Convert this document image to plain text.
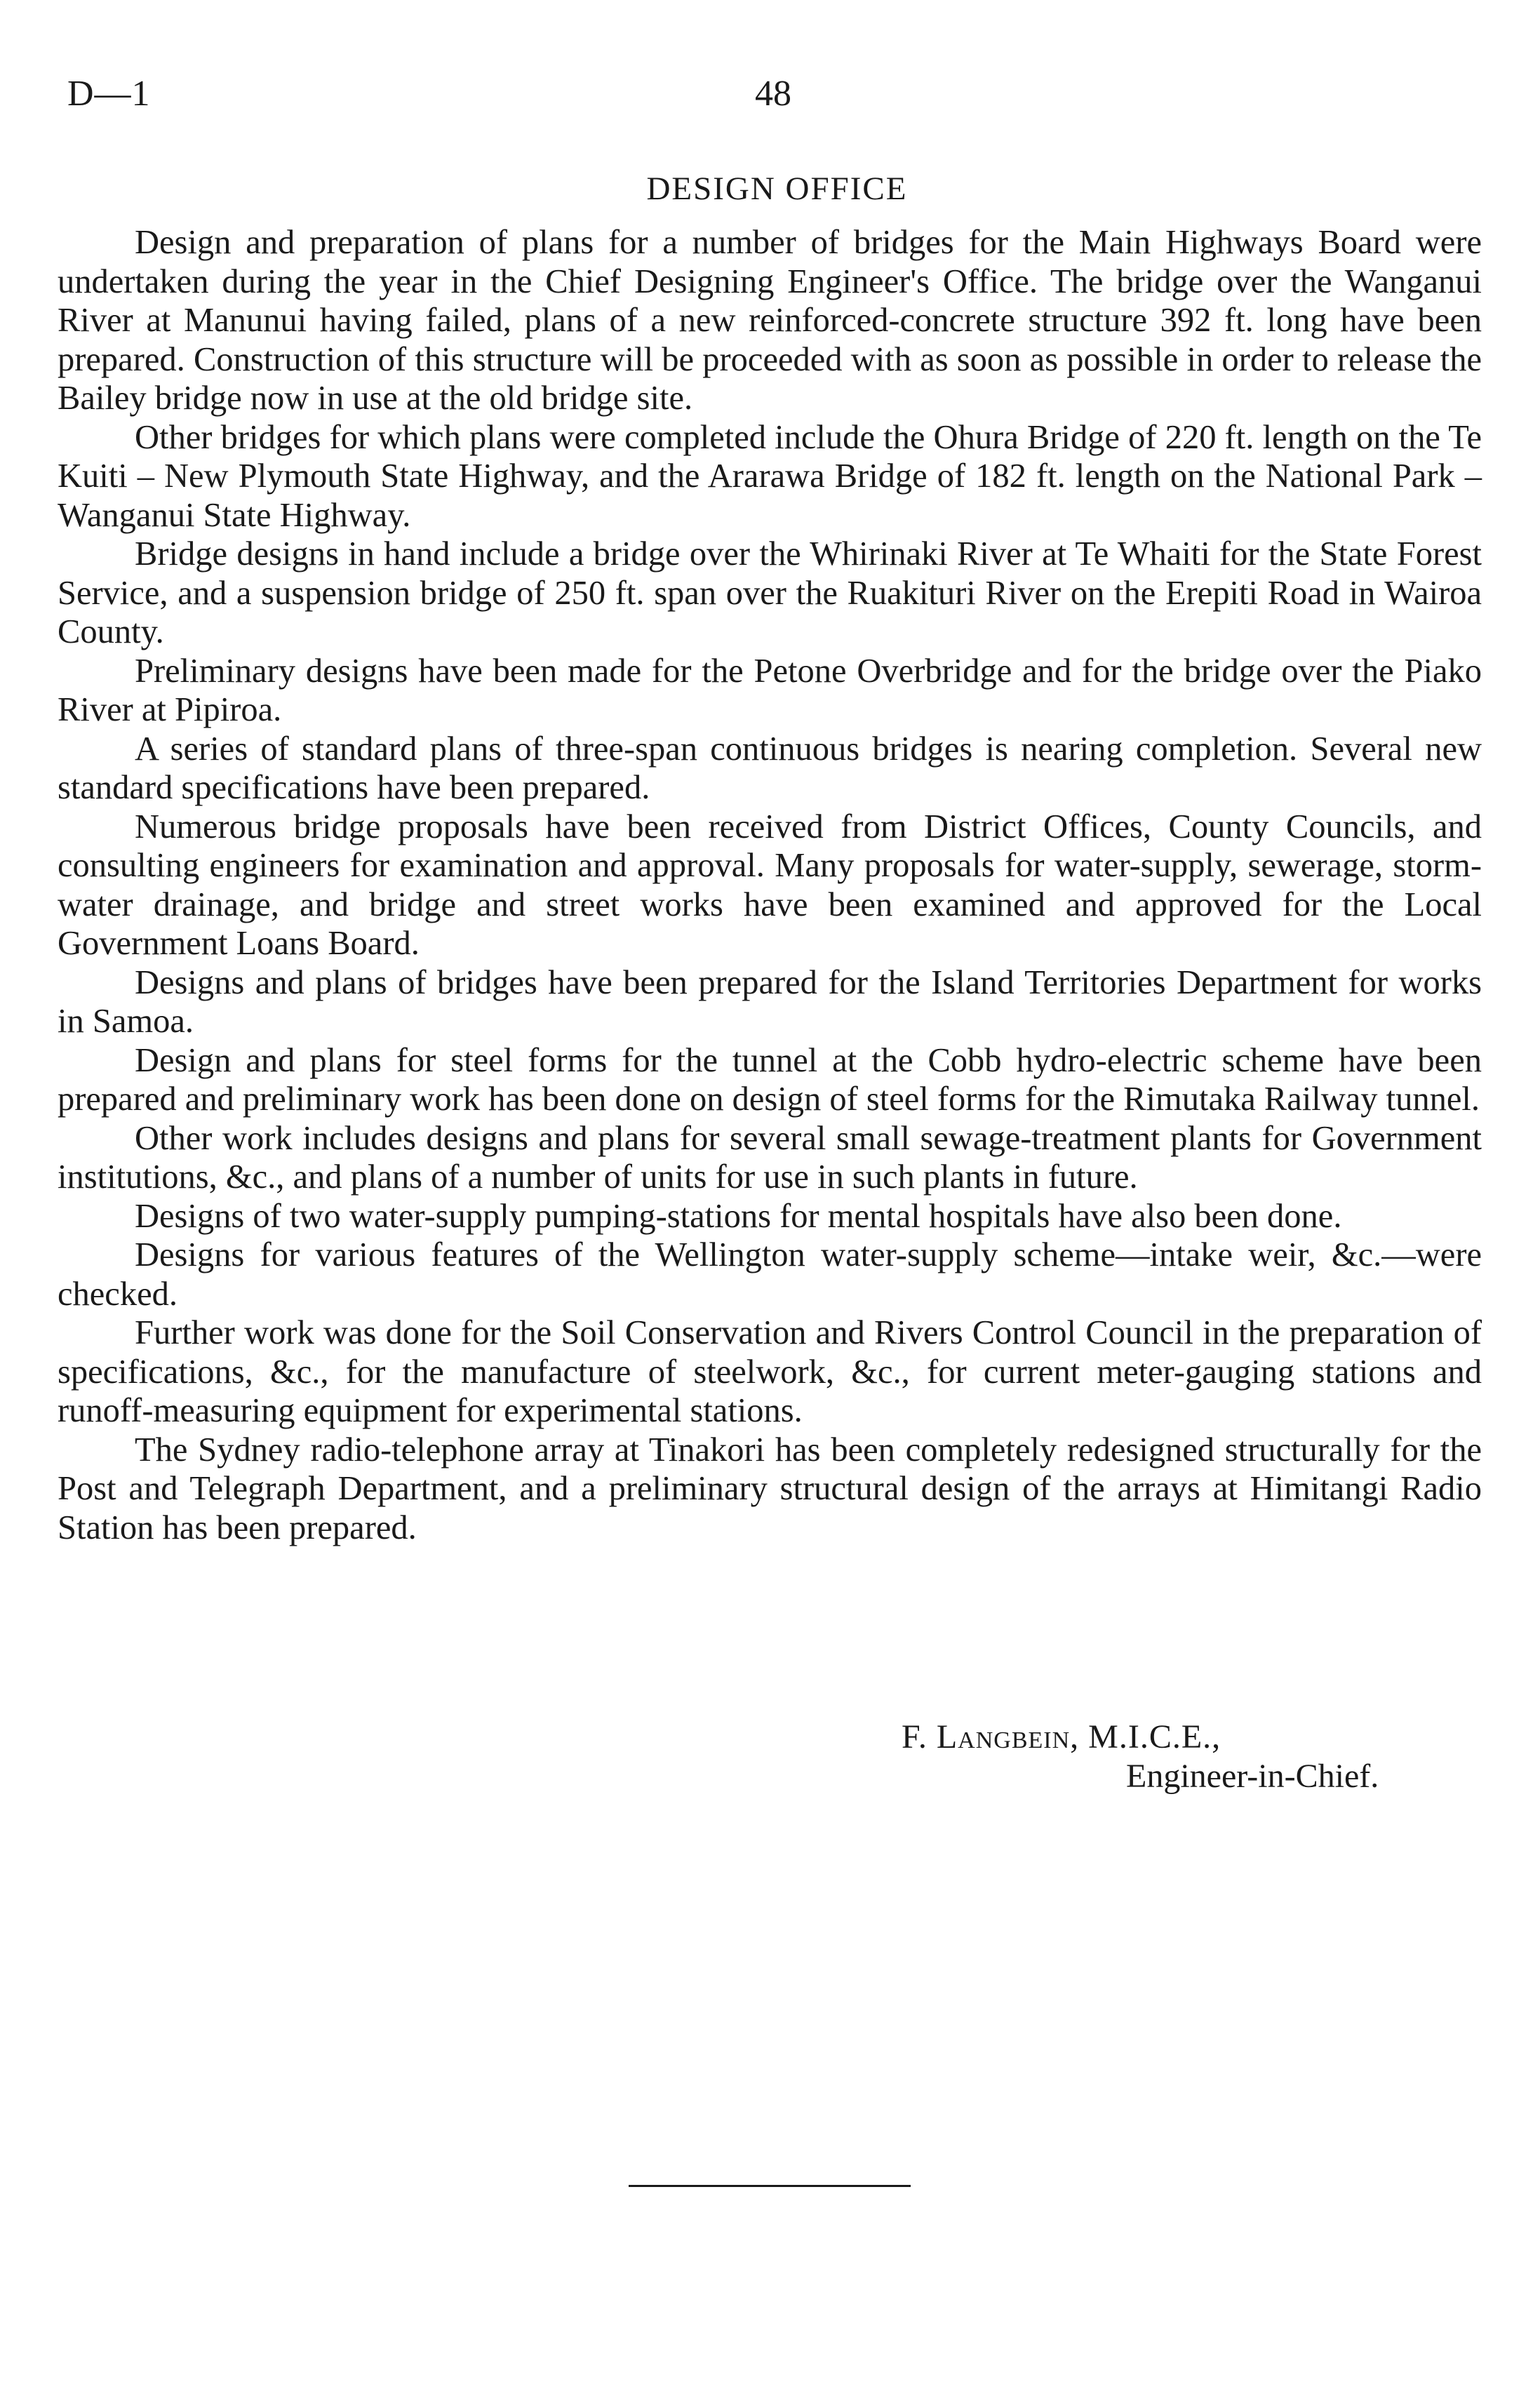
D—1	48
DESIGN OFFICE

Design and preparation of plans for a number of bridges for the Main Highways Board were undertaken during the year in the Chief Designing Engineer's Office. The bridge over the Wanganui River at Manunui having failed, plans of a new reinforced-concrete structure 392 ft. long have been prepared. Construction of this structure will be proceeded with as soon as possible in order to release the Bailey bridge now in use at the old bridge site.

Other bridges for which plans were completed include the Ohura Bridge of 220 ft. length on the Te Kuiti – New Plymouth State Highway, and the Ararawa Bridge of 182 ft. length on the National Park – Wanganui State Highway.

Bridge designs in hand include a bridge over the Whirinaki River at Te Whaiti for the State Forest Service, and a suspension bridge of 250 ft. span over the Ruakituri River on the Erepiti Road in Wairoa County.

Preliminary designs have been made for the Petone Overbridge and for the bridge over the Piako River at Pipiroa.

A series of standard plans of three-span continuous bridges is nearing completion. Several new standard specifications have been prepared.

Numerous bridge proposals have been received from District Offices, County Councils, and consulting engineers for examination and approval. Many proposals for water-supply, sewerage, storm-water drainage, and bridge and street works have been examined and approved for the Local Government Loans Board.

Designs and plans of bridges have been prepared for the Island Territories Department for works in Samoa.

Design and plans for steel forms for the tunnel at the Cobb hydro-electric scheme have been prepared and preliminary work has been done on design of steel forms for the Rimutaka Railway tunnel.

Other work includes designs and plans for several small sewage-treatment plants for Government institutions, &c., and plans of a number of units for use in such plants in future.

Designs of two water-supply pumping-stations for mental hospitals have also been done.

Designs for various features of the Wellington water-supply scheme—intake weir, &c.—were checked.

Further work was done for the Soil Conservation and Rivers Control Council in the preparation of specifications, &c., for the manufacture of steelwork, &c., for current meter-gauging stations and runoff-measuring equipment for experimental stations.

The Sydney radio-telephone array at Tinakori has been completely redesigned structurally for the Post and Telegraph Department, and a preliminary structural design of the arrays at Himitangi Radio Station has been prepared.

F. Langbein, M.I.C.E.,
Engineer-in-Chief.
